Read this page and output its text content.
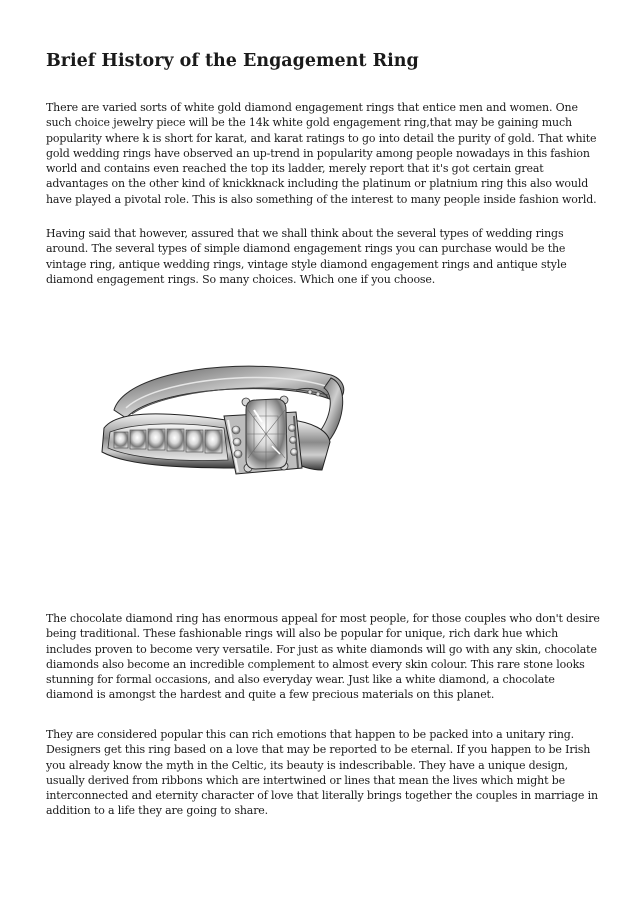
Brief History of the Engagement Ring

There are varied sorts of white gold diamond engagement rings that entice men and women. One such choice jewelry piece will be the 14k white gold engagement ring,that may be gaining much popularity where k is short for karat, and karat ratings to go into detail the purity of gold. That white gold wedding rings have observed an up-trend in popularity among people nowadays in this fashion world and contains even reached the top its ladder, merely report that it's got certain great advantages on the other kind of knickknack including the platinum or platnium ring this also would have played a pivotal role. This is also something of the interest to many people inside fashion world.

Having said that however, assured that we shall think about the several types of wedding rings around. The several types of simple diamond engagement rings you can purchase would be the vintage ring, antique wedding rings, vintage style diamond engagement rings and antique style diamond engagement rings. So many choices. Which one if you choose.

The chocolate diamond ring has enormous appeal for most people, for those couples who don't desire being traditional. These fashionable rings will also be popular for unique, rich dark hue which includes proven to become very versatile. For just as white diamonds will go with any skin, chocolate diamonds also become an incredible complement to almost every skin colour. This rare stone looks stunning for formal occasions, and also everyday wear. Just like a white diamond, a chocolate diamond is amongst the hardest and quite a few precious materials on this planet.

They are considered popular this can rich emotions that happen to be packed into a unitary ring. Designers get this ring based on a love that may be reported to be eternal. If you happen to be Irish you already know the myth in the Celtic, its beauty is indescribable. They have a unique design, usually derived from ribbons which are intertwined or lines that mean the lives which might be interconnected and eternity character of love that literally brings together the couples in marriage in addition to a life they are going to share.
